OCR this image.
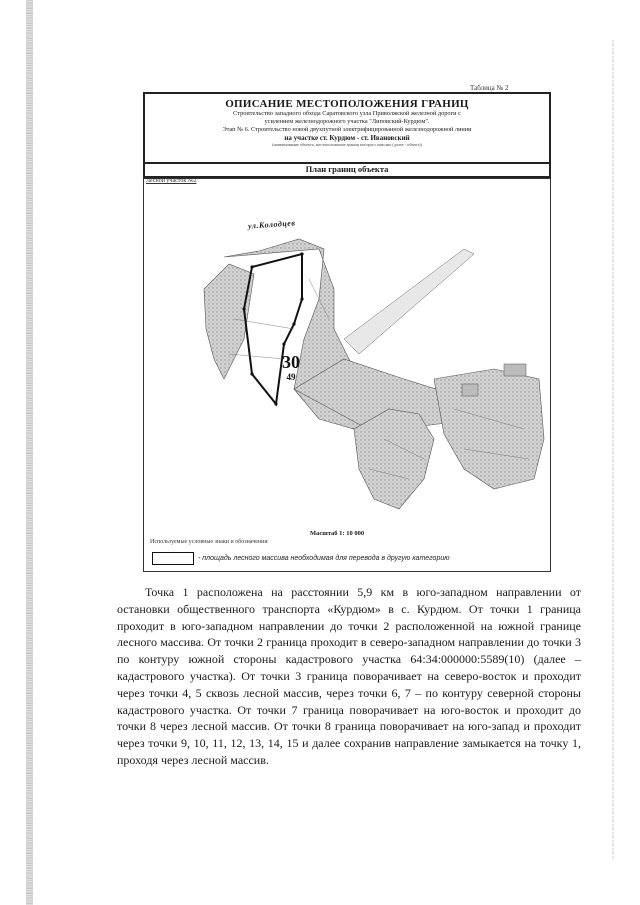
Таблица № 2
ОПИСАНИЕ МЕСТОПОЛОЖЕНИЯ ГРАНИЦ
Строительство западного обхода Саратовского узла Приволжской железной дороги с
усилением железнодорожного участка "Липовский-Курдюм".
Этап № 6. Строительство новой двухпутной электрифицированной железнодорожной линии
на участке ст. Курдюм - ст. Ивановский
(наименование объекта, местоположение границ которого описано (далее - объект))
План границ объекта
Лесной участок №2
ул.Колодцев
30
49
Масштаб 1: 10 000
Используемые условные знаки и обозначения:
- площадь лесного массива необходимая для перевода в другую категорию

Точка 1 расположена на расстоянии 5,9 км в юго-западном направлении от остановки общественного транспорта «Курдюм» в с. Курдюм. От точки 1 граница проходит в юго-западном направлении до точки 2 расположенной на южной границе лесного массива. От точки 2 граница проходит в северо-западном направлении до точки 3 по контуру южной стороны кадастрового участка 64:34:000000:5589(10) (далее – кадастрового участка). От точки 3 граница поворачивает на северо-восток и проходит через точки 4, 5 сквозь лесной массив, через точки 6, 7 – по контуру северной стороны кадастрового участка. От точки 7 граница поворачивает на юго-восток и проходит до точки 8 через лесной массив. От точки 8 граница поворачивает на юго-запад и проходит через точки 9, 10, 11, 12, 13, 14, 15 и далее сохранив направление замыкается на точку 1, проходя через лесной массив.
